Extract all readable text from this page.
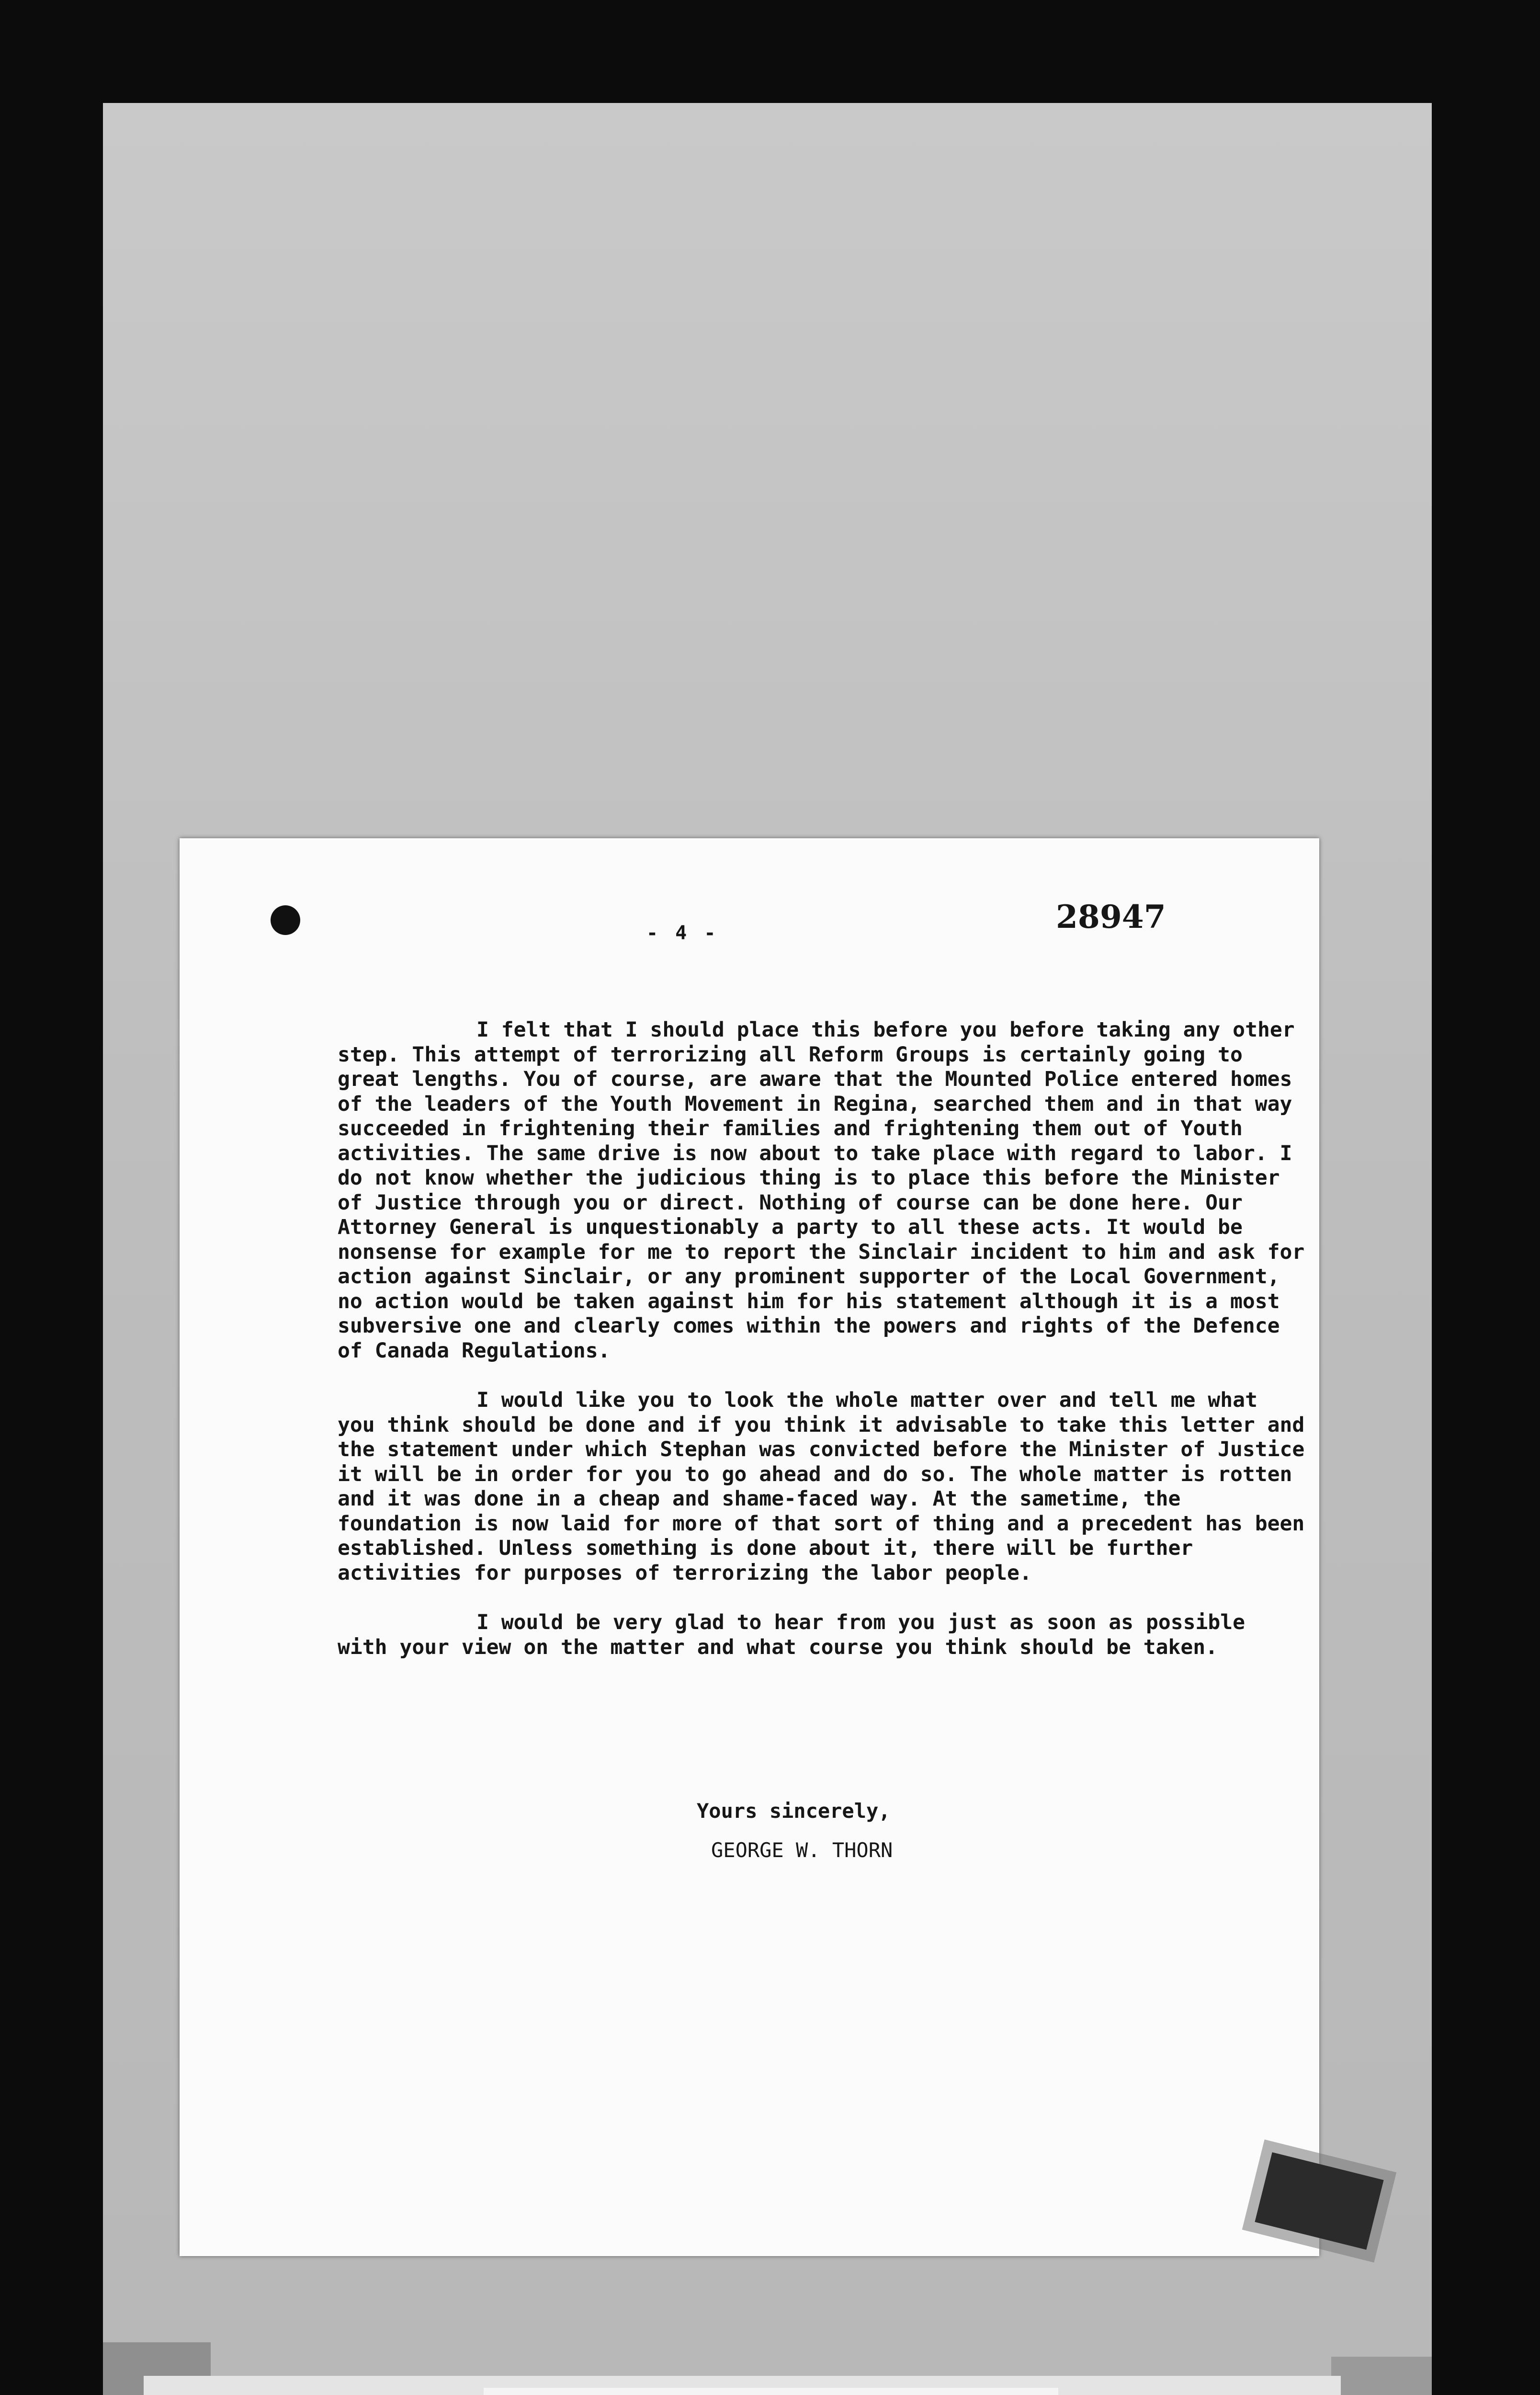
- 4 -	28947

I felt that I should place this before you before taking any other step. This attempt of terrorizing all Reform Groups is certainly going to great lengths. You of course, are aware that the Mounted Police entered homes of the leaders of the Youth Movement in Regina, searched them and in that way succeeded in frightening their families and frightening them out of Youth activities. The same drive is now about to take place with regard to labor. I do not know whether the judicious thing is to place this before the Minister of Justice through you or direct. Nothing of course can be done here. Our Attorney General is unquestionably a party to all these acts. It would be nonsense for example for me to report the Sinclair incident to him and ask for action against Sinclair, or any prominent supporter of the Local Government, no action would be taken against him for his statement although it is a most subversive one and clearly comes within the powers and rights of the Defence of Canada Regulations.

I would like you to look the whole matter over and tell me what you think should be done and if you think it advisable to take this letter and the statement under which Stephan was convicted before the Minister of Justice it will be in order for you to go ahead and do so. The whole matter is rotten and it was done in a cheap and shame-faced way. At the sametime, the foundation is now laid for more of that sort of thing and a precedent has been established. Unless something is done about it, there will be further activities for purposes of terrorizing the labor people.

I would be very glad to hear from you just as soon as possible with your view on the matter and what course you think should be taken.

Yours sincerely,
GEORGE W. THORN
